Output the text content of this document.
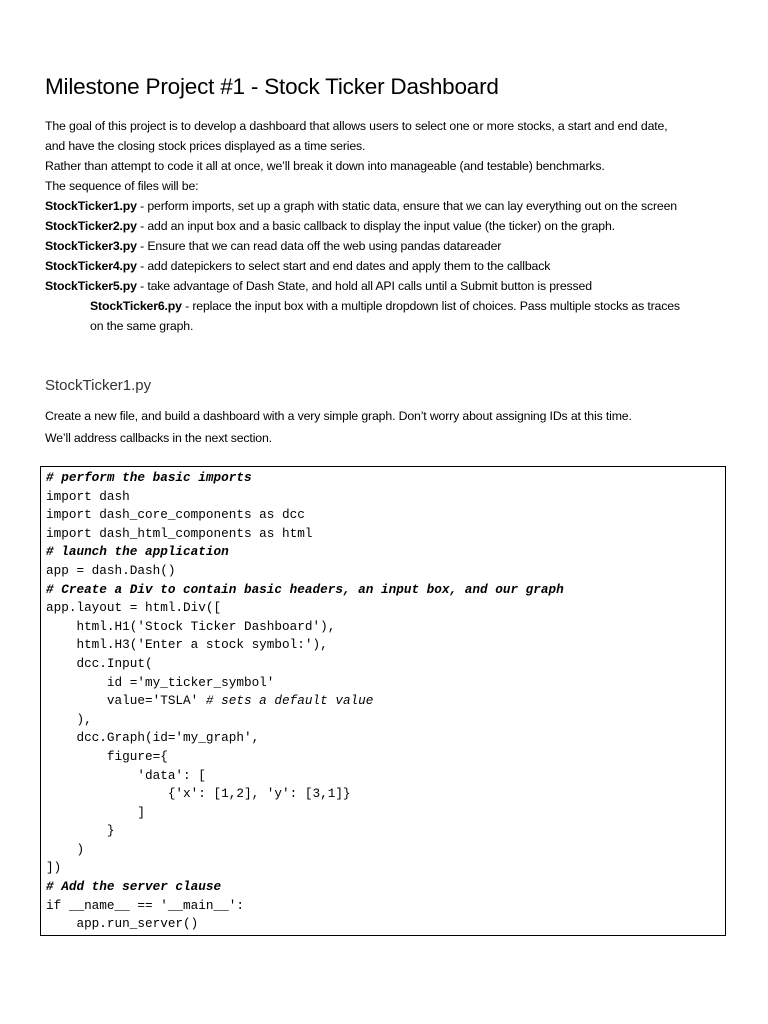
Milestone Project #1 - Stock Ticker Dashboard
The goal of this project is to develop a dashboard that allows users to select one or more stocks, a start and end date,
and have the closing stock prices displayed as a time series.
Rather than attempt to code it all at once, we’ll break it down into manageable (and testable) benchmarks.
The sequence of files will be:
StockTicker1.py - perform imports, set up a graph with static data, ensure that we can lay everything out on the screen
StockTicker2.py - add an input box and a basic callback to display the input value (the ticker) on the graph.
StockTicker3.py - Ensure that we can read data off the web using pandas datareader
StockTicker4.py - add datepickers to select start and end dates and apply them to the callback
StockTicker5.py - take advantage of Dash State, and hold all API calls until a Submit button is pressed
StockTicker6.py - replace the input box with a multiple dropdown list of choices. Pass multiple stocks as traces
on the same graph.
StockTicker1.py
Create a new file, and build a dashboard with a very simple graph. Don’t worry about assigning IDs at this time.
We’ll address callbacks in the next section.
# perform the basic imports
import dash
import dash_core_components as dcc
import dash_html_components as html
# launch the application
app = dash.Dash()
# Create a Div to contain basic headers, an input box, and our graph
app.layout = html.Div([
html.H1('Stock Ticker Dashboard'),
html.H3('Enter a stock symbol:'),
dcc.Input(
id ='my_ticker_symbol'
value='TSLA' # sets a default value
),
dcc.Graph(id='my_graph',
figure={
'data': [
{'x': [1,2], 'y': [3,1]}
]
}
)
])
# Add the server clause
if __name__ == '__main__':
app.run_server()
